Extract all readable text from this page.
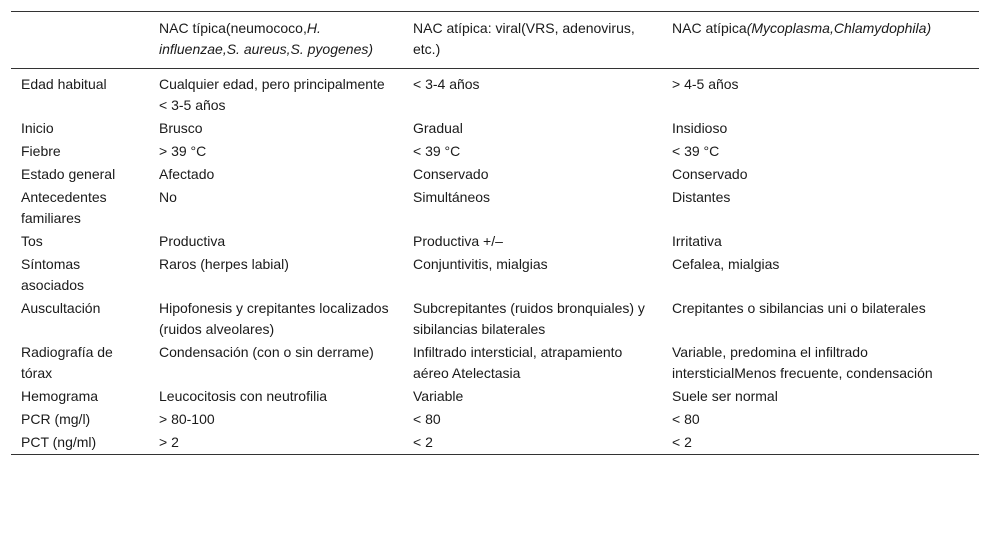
	NAC típica(neumococo,H. influenzae,S. aureus,S. pyogenes)	NAC atípica: viral(VRS, adenovirus, etc.)	NAC atípica(Mycoplasma,Chlamydophila)
Edad habitual	Cualquier edad, pero principalmente < 3-5 años	< 3-4 años	> 4-5 años
Inicio	Brusco	Gradual	Insidioso
Fiebre	> 39 °C	< 39 °C	< 39 °C
Estado general	Afectado	Conservado	Conservado
Antecedentes familiares	No	Simultáneos	Distantes
Tos	Productiva	Productiva +/–	Irritativa
Síntomas asociados	Raros (herpes labial)	Conjuntivitis, mialgias	Cefalea, mialgias
Auscultación	Hipofonesis y crepitantes localizados (ruidos alveolares)	Subcrepitantes (ruidos bronquiales) y sibilancias bilaterales	Crepitantes o sibilancias uni o bilaterales
Radiografía de tórax	Condensación (con o sin derrame)	Infiltrado intersticial, atrapamiento aéreo Atelectasia	Variable, predomina el infiltrado intersticialMenos frecuente, condensación
Hemograma	Leucocitosis con neutrofilia	Variable	Suele ser normal
PCR (mg/l)	> 80-100	< 80	< 80
PCT (ng/ml)	> 2	< 2	< 2
